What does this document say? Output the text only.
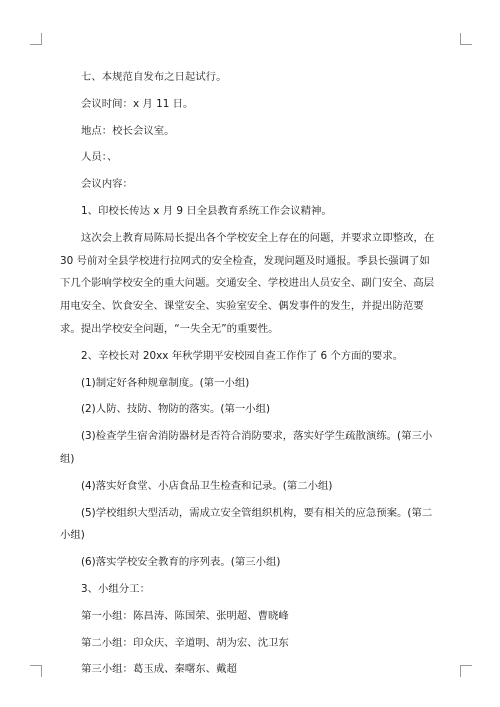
七、本规范自发布之日起试行。

会议时间：x 月 11 日。

地点：校长会议室。

人员：、

会议内容：

1、印校长传达 x 月 9 日全县教育系统工作会议精神。

这次会上教育局陈局长提出各个学校安全上存在的问题，并要求立即整改，在 30 号前对全县学校进行拉网式的安全检查，发现问题及时通报。季县长强调了如下几个影响学校安全的重大问题。交通安全、学校进出人员安全、副门安全、高层用电安全、饮食安全、课堂安全、实验室安全、偶发事件的发生，并提出防范要求。提出学校安全问题，“一失全无”的重要性。

2、辛校长对 20xx 年秋学期平安校园自查工作作了 6 个方面的要求。

(1)制定好各种规章制度。(第一小组)

(2)人防、技防、物防的落实。(第一小组)

(3)检查学生宿舍消防器材是否符合消防要求，落实好学生疏散演练。(第三小组)

(4)落实好食堂、小店食品卫生检查和记录。(第二小组)

(5)学校组织大型活动，需成立安全管组织机构，要有相关的应急预案。(第二小组)

(6)落实学校安全教育的序列表。(第三小组)

3、小组分工：

第一小组：陈昌涛、陈国荣、张明超、曹晓峰

第二小组：印众庆、辛道明、胡为宏、沈卫东

第三小组：葛玉成、秦曙东、戴超
